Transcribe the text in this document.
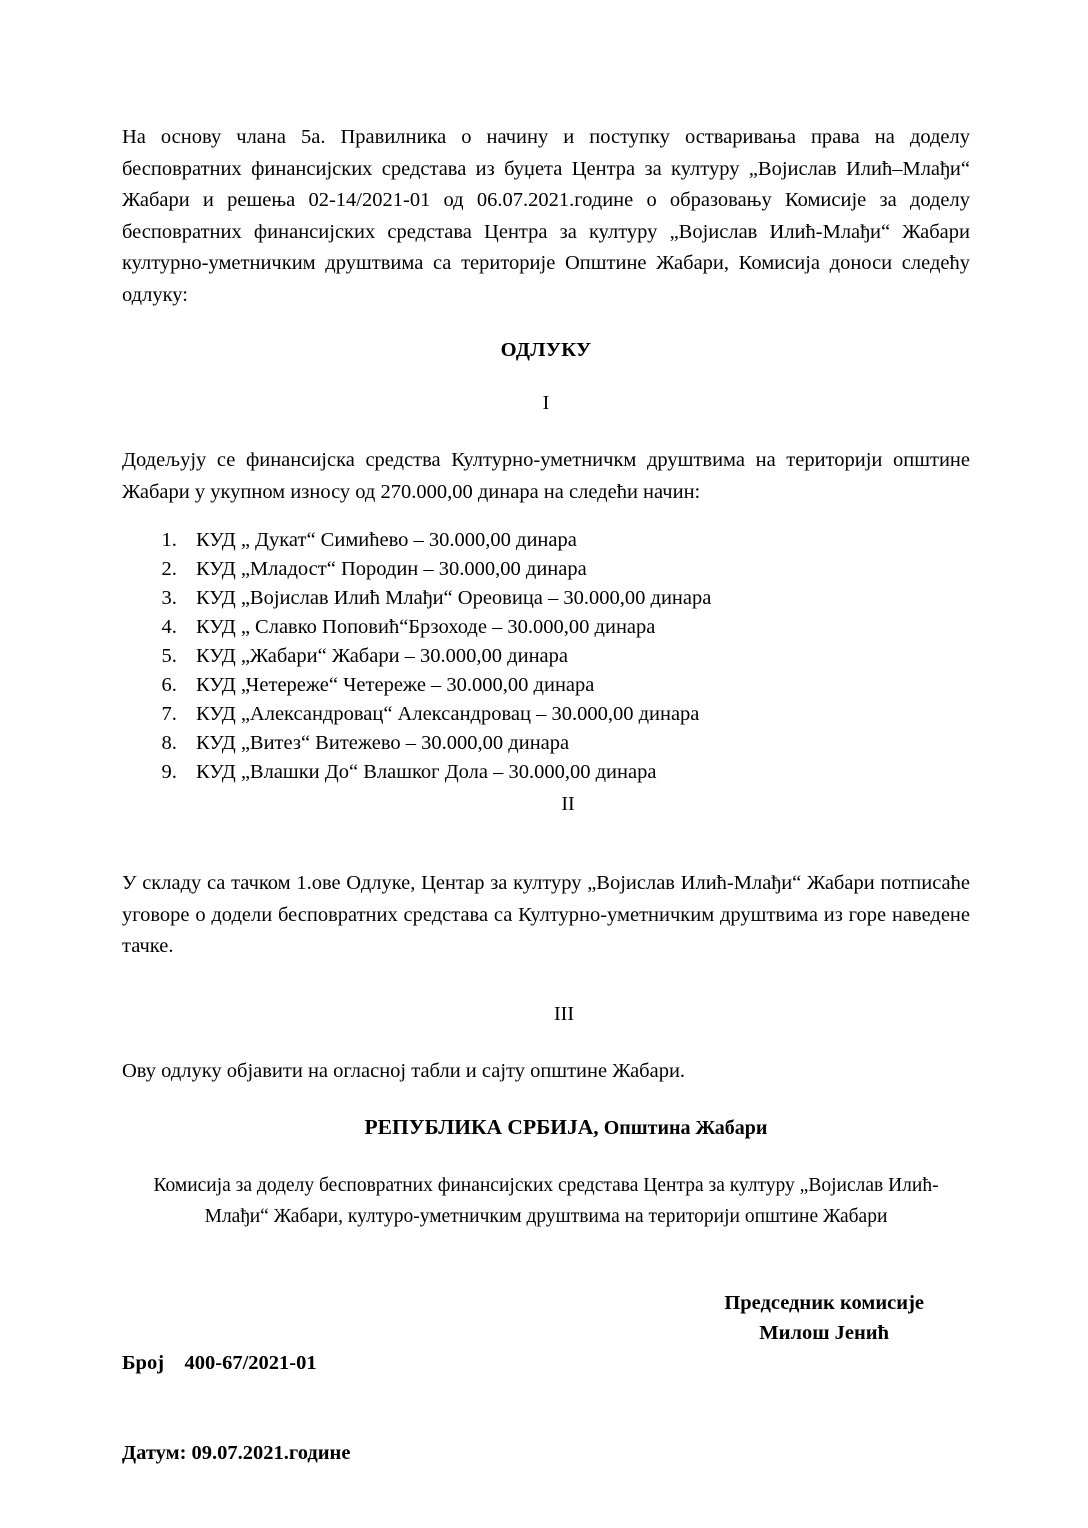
На основу члана 5а. Правилника о начину и поступку остваривања права на доделу бесповратних финансијских средстава из буџета Центра за културу „Војислав Илић–Млађи“ Жабари и решења 02-14/2021-01 од 06.07.2021.године о образовању Комисије за доделу бесповратних финансијских средстава Центра за културу „Војислав Илић-Млађи“ Жабари културно-уметничким друштвима са територије Општине Жабари, Комисија доноси следећу одлуку:

ОДЛУКУ

I

Додељују се финансијска средства Културно-уметничкм друштвима на територији општине Жабари у укупном износу од 270.000,00 динара на следећи начин:

1. КУД „ Дукат“ Симићево – 30.000,00 динара
2. КУД „Младост“ Породин – 30.000,00 динара
3. КУД „Војислав Илић Млађи“ Ореовица – 30.000,00 динара
4. КУД „ Славко Поповић“Брзоходе – 30.000,00 динара
5. КУД „Жабари“ Жабари – 30.000,00 динара
6. КУД „Четереже“ Четереже – 30.000,00 динара
7. КУД „Александровац“ Александровац – 30.000,00 динара
8. КУД „Витез“ Витежево – 30.000,00 динара
9. КУД „Влашки До“ Влашког Дола – 30.000,00 динара

II

У складу са тачком 1.ове Одлуке, Центар за културу „Војислав Илић-Млађи“ Жабари потписаће уговоре о додели бесповратних средстава са Културно-уметничким друштвима из горе наведене тачке.

III

Ову одлуку објавити на огласној табли и сајту општине Жабари.

РЕПУБЛИКА СРБИЈА, Општина Жабари

Комисија за доделу бесповратних финансијских средстава Центра за културу „Војислав Илић-Млађи“ Жабари, културо-уметничким друштвима на територији општине Жабари

Број    400-67/2021-01

Датум: 09.07.2021.године

Председник комисије
Милош Јенић
